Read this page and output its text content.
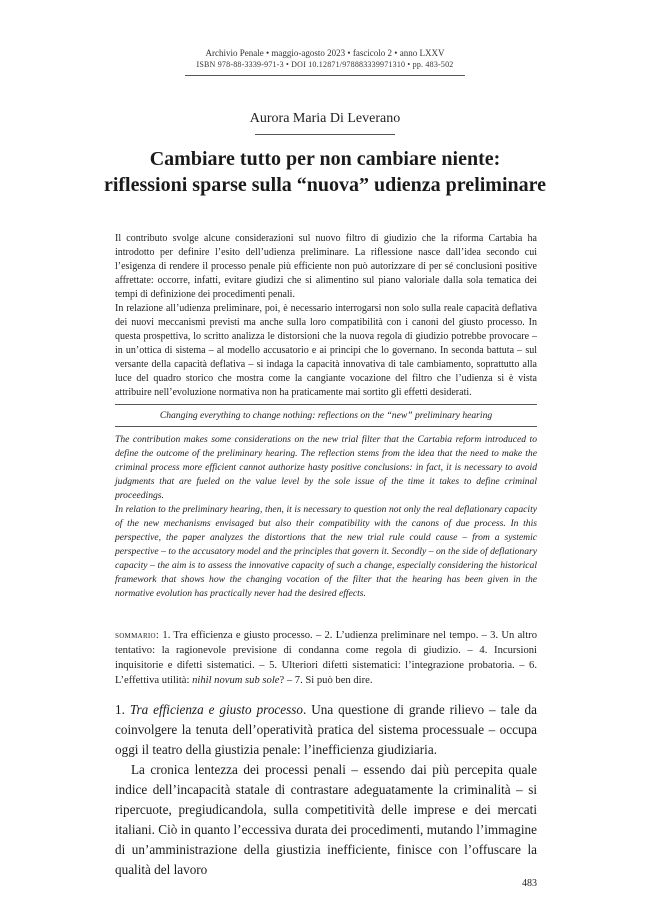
Archivio Penale • maggio-agosto 2023 • fascicolo 2 • anno LXXV
ISBN 978-88-3339-971-3 • DOI 10.12871/978883339971310 • pp. 483-502
Aurora Maria Di Leverano
Cambiare tutto per non cambiare niente:
riflessioni sparse sulla “nuova” udienza preliminare

Il contributo svolge alcune considerazioni sul nuovo filtro di giudizio che la riforma Cartabia ha introdotto per definire l’esito dell’udienza preliminare. La riflessione nasce dall’idea secondo cui l’esigenza di rendere il processo penale più efficiente non può autorizzare di per sé conclusioni positive affrettate: occorre, infatti, evitare giudizi che si alimentino sul piano valoriale dalla sola tematica dei tempi di definizione dei procedimenti penali.

In relazione all’udienza preliminare, poi, è necessario interrogarsi non solo sulla reale capacità deflativa dei nuovi meccanismi previsti ma anche sulla loro compatibilità con i canoni del giusto processo. In questa prospettiva, lo scritto analizza le distorsioni che la nuova regola di giudizio potrebbe provocare – in un’ottica di sistema – al modello accusatorio e ai principi che lo governano. In seconda battuta – sul versante della capacità deflativa – si indaga la capacità innovativa di tale cambiamento, soprattutto alla luce del quadro storico che mostra come la cangiante vocazione del filtro che l’udienza si è vista attribuire nell’evoluzione normativa non ha praticamente mai sortito gli effetti desiderati.

Changing everything to change nothing: reflections on the “new” preliminary hearing

The contribution makes some considerations on the new trial filter that the Cartabia reform introduced to define the outcome of the preliminary hearing. The reflection stems from the idea that the need to make the criminal process more efficient cannot authorize hasty positive conclusions: in fact, it is necessary to avoid judgments that are fueled on the value level by the sole issue of the time it takes to define criminal proceedings.

In relation to the preliminary hearing, then, it is necessary to question not only the real deflationary capacity of the new mechanisms envisaged but also their compatibility with the canons of due process. In this perspective, the paper analyzes the distortions that the new trial rule could cause – from a systemic perspective – to the accusatory model and the principles that govern it. Secondly – on the side of deflationary capacity – the aim is to assess the innovative capacity of such a change, especially considering the historical framework that shows how the changing vocation of the filter that the hearing has been given in the normative evolution has practically never had the desired effects.

sommario: 1. Tra efficienza e giusto processo. – 2. L’udienza preliminare nel tempo. – 3. Un altro tentativo: la ragionevole previsione di condanna come regola di giudizio. – 4. Incursioni inquisitorie e difetti sistematici. – 5. Ulteriori difetti sistematici: l’integrazione probatoria. – 6. L’effettiva utilità: nihil novum sub sole? – 7. Si può ben dire.

1. Tra efficienza e giusto processo. Una questione di grande rilievo – tale da coinvolgere la tenuta dell’operatività pratica del sistema processuale – occupa oggi il teatro della giustizia penale: l’inefficienza giudiziaria.

La cronica lentezza dei processi penali – essendo dai più percepita quale indice dell’incapacità statale di contrastare adeguatamente la criminalità – si ripercuote, pregiudicandola, sulla competitività delle imprese e dei mercati italiani. Ciò in quanto l’eccessiva durata dei procedimenti, mutando l’immagine di un’amministrazione della giustizia inefficiente, finisce con l’offuscare la qualità del lavoro

483
